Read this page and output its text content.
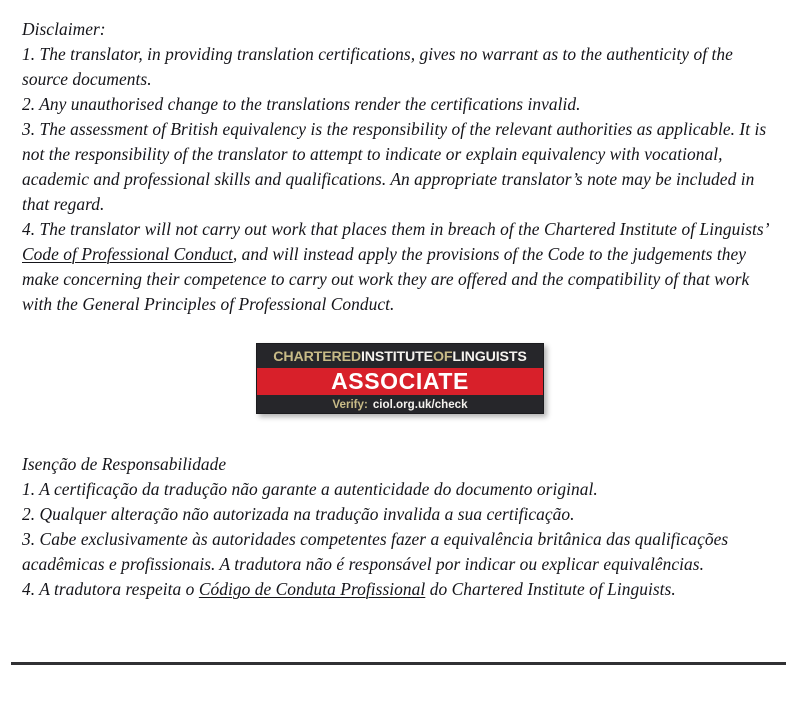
Disclaimer:

1. The translator, in providing translation certifications, gives no warrant as to the authenticity of the source documents.

2. Any unauthorised change to the translations render the certifications invalid.

3. The assessment of British equivalency is the responsibility of the relevant authorities as applicable. It is not the responsibility of the translator to attempt to indicate or explain equivalency with vocational, academic and professional skills and qualifications. An appropriate translator’s note may be included in that regard.

4. The translator will not carry out work that places them in breach of the Chartered Institute of Linguists’ Code of Professional Conduct, and will instead apply the provisions of the Code to the judgements they make concerning their competence to carry out work they are offered and the compatibility of that work with the General Principles of Professional Conduct.

CHARTERED INSTITUTE OF LINGUISTS
ASSOCIATE
Verify: ciol.org.uk/check

Isenção de Responsabilidade

1. A certificação da tradução não garante a autenticidade do documento original.

2. Qualquer alteração não autorizada na tradução invalida a sua certificação.

3. Cabe exclusivamente às autoridades competentes fazer a equivalência britânica das qualificações acadêmicas e profissionais. A tradutora não é responsável por indicar ou explicar equivalências.

4. A tradutora respeita o Código de Conduta Profissional do Chartered Institute of Linguists.
